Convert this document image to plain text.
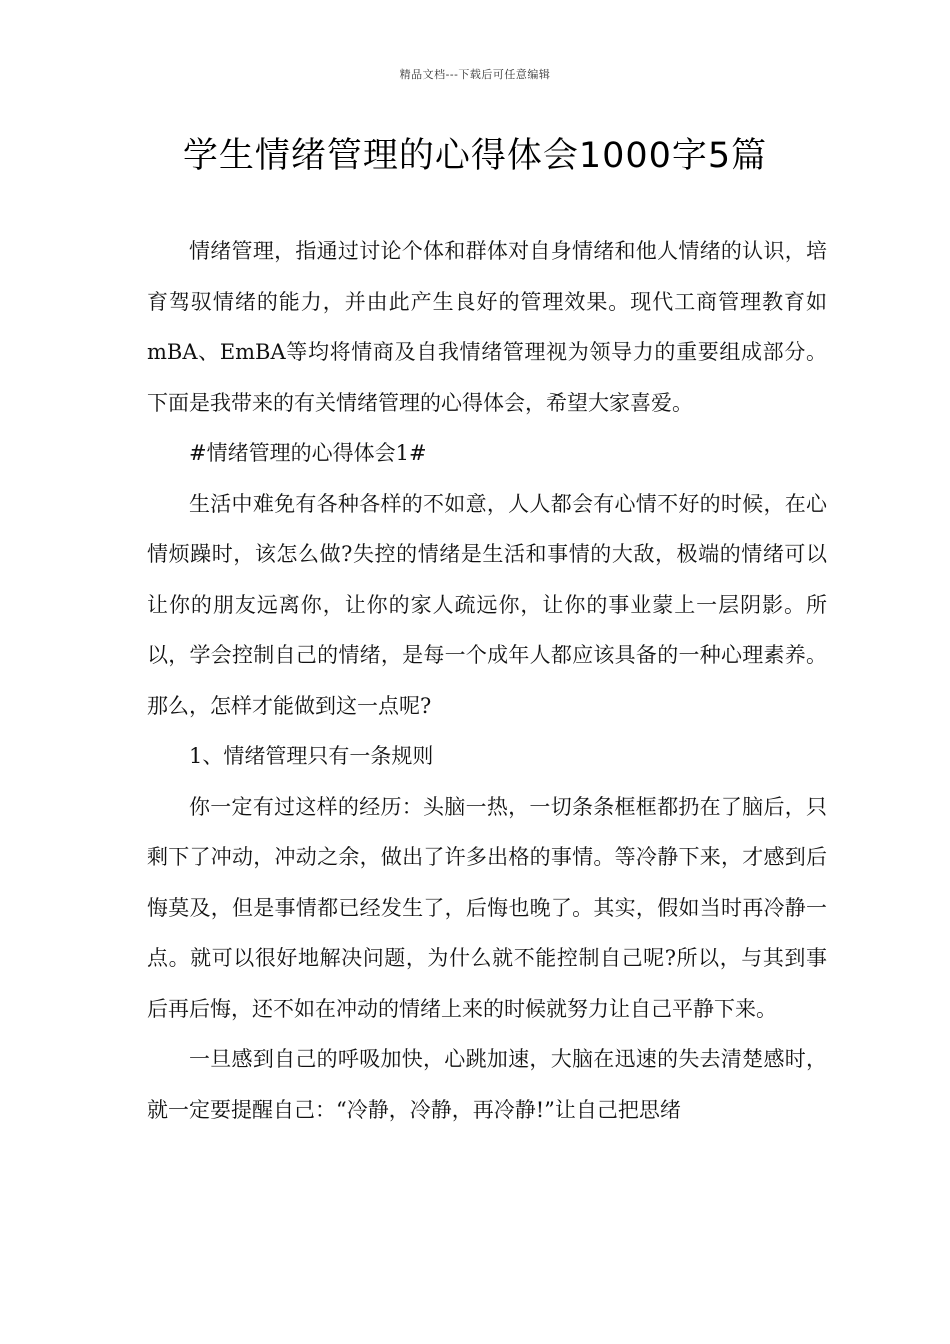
精品文档---下载后可任意编辑
学生情绪管理的心得体会1000字5篇

情绪管理，指通过讨论个体和群体对自身情绪和他人情绪的认识，培育驾驭情绪的能力，并由此产生良好的管理效果。现代工商管理教育如mBA、EmBA等均将情商及自我情绪管理视为领导力的重要组成部分。下面是我带来的有关情绪管理的心得体会，希望大家喜爱。

#情绪管理的心得体会1#

生活中难免有各种各样的不如意，人人都会有心情不好的时候，在心情烦躁时，该怎么做?失控的情绪是生活和事情的大敌，极端的情绪可以让你的朋友远离你，让你的家人疏远你，让你的事业蒙上一层阴影。所以，学会控制自己的情绪，是每一个成年人都应该具备的一种心理素养。那么，怎样才能做到这一点呢?

1、情绪管理只有一条规则

你一定有过这样的经历：头脑一热，一切条条框框都扔在了脑后，只剩下了冲动，冲动之余，做出了许多出格的事情。等冷静下来，才感到后悔莫及，但是事情都已经发生了，后悔也晚了。其实，假如当时再冷静一点。就可以很好地解决问题，为什么就不能控制自己呢?所以，与其到事后再后悔，还不如在冲动的情绪上来的时候就努力让自己平静下来。

一旦感到自己的呼吸加快，心跳加速，大脑在迅速的失去清楚感时，就一定要提醒自己：“冷静，冷静，再冷静!”让自己把思绪
